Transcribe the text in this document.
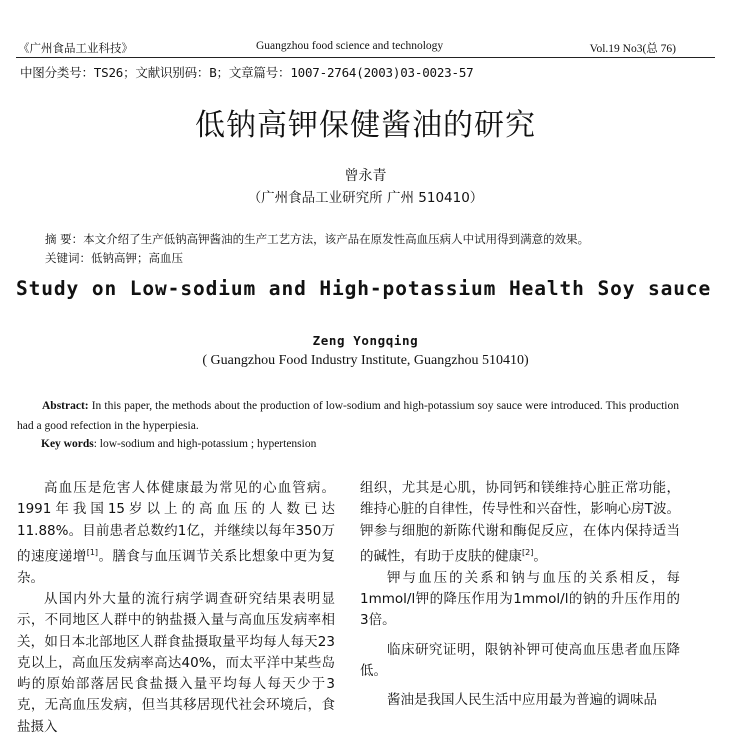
《广州食品工业科技》	Guangzhou food science and technology	Vol.19 No3(总 76)
中图分类号：TS26；文献识别码：B；文章篇号：1007-2764(2003)03-0023-57
低钠高钾保健酱油的研究
曾永青
（广州食品工业研究所 广州 510410）
摘 要：本文介绍了生产低钠高钾酱油的生产工艺方法，该产品在原发性高血压病人中试用得到满意的效果。
关键词：低钠高钾；高血压
Study on Low-sodium and High-potassium Health Soy sauce
Zeng Yongqing
( Guangzhou Food Industry Institute, Guangzhou 510410)
Abstract: In this paper, the methods about the production of low-sodium and high-potassium soy sauce were introduced. This production had a good refection in the hyperpiesia.
Key words: low-sodium and high-potassium ; hypertension

高血压是危害人体健康最为常见的心血管病。1991年我国15岁以上的高血压的人数已达11.88%。目前患者总数约1亿，并继续以每年350万的速度递增[1]。膳食与血压调节关系比想象中更为复杂。

从国内外大量的流行病学调查研究结果表明显示，不同地区人群中的钠盐摄入量与高血压发病率相关，如日本北部地区人群食盐摄取量平均每人每天23克以上，高血压发病率高达40%，而太平洋中某些岛屿的原始部落居民食盐摄入量平均每人每天少于3克，无高血压发病，但当其移居现代社会环境后，食盐摄入

组织，尤其是心肌，协同钙和镁维持心脏正常功能，维持心脏的自律性，传导性和兴奋性，影响心房T波。钾参与细胞的新陈代谢和酶促反应，在体内保持适当的碱性，有助于皮肤的健康[2]。

钾与血压的关系和钠与血压的关系相反，每1mmol/l钾的降压作用为1mmol/l的钠的升压作用的3倍。

临床研究证明，限钠补钾可使高血压患者血压降低。

酱油是我国人民生活中应用最为普遍的调味品
